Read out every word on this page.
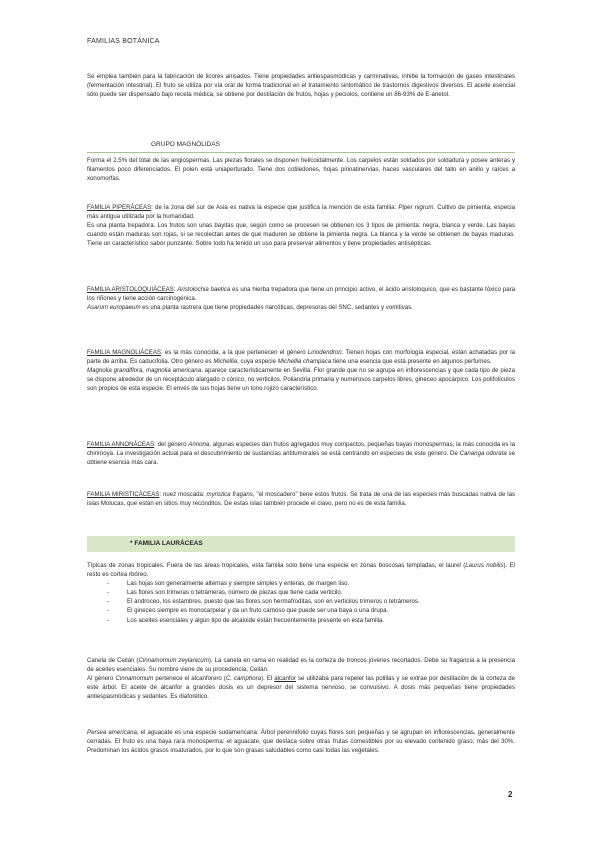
FAMILIAS BOTÁNICA

Se emplea también para la fabricación de licores anisados. Tiene propiedades antiespasmódicas y carminativas, inhibe la formación de gases intestinales (fermentación intestinal). El fruto se utiliza por vía oral de forma tradicional en el tratamiento sintomático de trastornos digestivos diversos. El aceite esencial sólo puede ser dispensado bajo receta médica, se obtiene por destilación de frutos, hojas y peciolos, contiene un 86-93% de E-anetol.

GRUPO MAGNÓLIDAS

Forma el 2.5% del total de las angiospermas. Las piezas florales se disponen helicoidalmente. Los carpelos están soldados por soldadura y posee anteras y filamentos poco diferenciados. El polen está uniaperturado. Tiene dos cotiledones, hojas pinnatinervias, haces vasculares del tallo en anillo y raíces a xonomorfas.

FAMILIA PIPERÁCEAS: de la zona del sur de Asia es nativa la especie que justifica la mención de esta familia: Piper nigrum. Cultivo de pimienta, especia más antigua utilizada por la humanidad.

Es una planta trepadora. Los frutos son unas bayitas que, según como se procesen se obtienen los 3 tipos de pimienta: negra, blanca y verde. Las bayas cuando están maduras son rojas, si se recolectan antes de que maduren se obtiene la pimienta negra. La blanca y la verde se obtienen de bayas maduras. Tiene un característico sabor punzante. Sobre todo ha tenido un uso para preservar alimentos y tiene propiedades antisépticas.

FAMILIA ARISTOLOQUIÁCEAS: Aristolochia baetica es una hierba trepadora que tiene un principio activo, el ácido aristoloquico, que es bastante tóxico para los riñones y tiene acción carcinogénica.

Asarum europaeum es una planta rastrera que tiene propiedades narcóticas, depresoras del SNC, sedantes y vomitivas.

FAMILIA MAGNOLIÁCEAS: es la más conocida, a la que pertenecen el género Liriodendron. Tienen hojas con morfología especial, están achatadas por la parte de arriba. Es caducifolia. Otro género es Michellia, cuya especie Michellia champaca tiene una esencia que está presente en algunos perfumes.

Magnolia grandiflora, magnolia americana, aparece característicamente en Sevilla. Flor grande que no se agrupa en inflorescencias y que cada tipo de pieza se dispone alrededor de un receptáculo alargado o cónico, no verticilos. Poliandria primaria y numerosos carpelos libres, gineceo apocárpico. Los polifolículos son propios de esta especie. El envés de sus hojas tiene un tono rojizo característico.

FAMILIA ANNONÁCEAS: del género Annona, algunas especies dan frutos agregados muy compactos, pequeñas bayas monospermas, la más conocida es la chirimoya. La investigación actual para el descubrimiento de sustancias antitumorales se está centrando en especies de este género. De Cananga odorata se obtiene esencia más cara.

FAMILIA MIRISTICÁCEAS: nuez moscada: myristica fragans, "el moscadero" tiene estos frutos. Se trata de una de las especies más buscadas nativa de las islas Molucas, que están en sitios muy recónditos. De estas islas también procede el clavo, pero no es de esta familia.

* FAMILIA LAURÁCEAS

Típicas de zonas tropicales. Fuera de las áreas tropicales, esta familia solo tiene una especie en zonas boscosas templadas, el laurel (Laurus nobilis). El resto es cortea rbóreo.

- Las hojas son generalmente alternas y siempre simples y enteras, de margen liso.
- Las flores son trímeras o tetrámeras, número de piezas que tiene cada verticilo.
- El androceo, los estambres, puesto que las flores son hermafroditas, son en verticilos trímeros o tetrámeros.
- El gineceo siempre es monocarpelar y da un fruto carnoso que puede ser una baya o una drupa.
- Los aceites esenciales y algún tipo de alcaloide están frecuentemente presente en esta familia.

Canela de Ceilán (Cinnamomum zeylanicum). La canela en rama en realidad es la corteza de troncos jóvenes recortados. Debe su fragancia a la presencia de aceites esenciales. Su nombre viene de su procedencia, Ceilán.

Al género Cinnamomum pertenece el alcanforero (C. camphora). El alcanfor se utilizaba para repeler las polillas y se extrae por destilación de la corteza de este árbol. El aceite de alcanfor a grandes dosis es un depresor del sistema nervioso, se convulsivo. A dosis más pequeñas tiene propiedades antiespasmódicas y sedantes. Es diaforético.

Persea americana, el aguacate es una especie sudamericana. Árbol perennifolio cuyas flores son pequeñas y se agrupan en inflorescencias, generalmente cerradas. El fruto es una baya rara monosperma: el aguacate, que destaca sobre otras frutas comestibles por su elevado contenido graso, más del 30%. Predominan los ácidos grasos insaturados, por lo que son grasas saludables como casi todas las vegetales.

2
